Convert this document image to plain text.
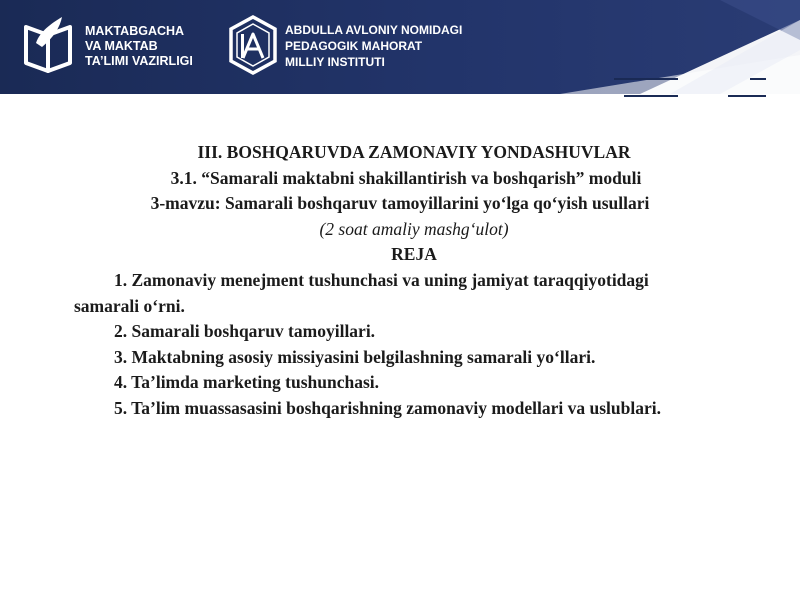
MAKTABGACHA
VA MAKTAB
TA’LIMI VAZIRLIGI
ABDULLA AVLONIY NOMIDAGI
PEDAGOGIK MAHORAT
MILLIY INSTITUTI
III. BOSHQARUVDA ZAMONAVIY YONDASHUVLAR
3.1. “Samarali maktabni shakillantirish va boshqarish” moduli
3-mavzu: Samarali boshqaruv tamoyillarini yo‘lga qo‘yish usullari
(2 soat amaliy mashg‘ulot)
REJA
1. Zamonaviy menejment tushunchasi va uning jamiyat taraqqiyotidagi samarali o‘rni.
2. Samarali boshqaruv tamoyillari.
3. Maktabning asosiy missiyasini belgilashning samarali yo‘llari.
4. Ta’limda marketing tushunchasi.
5. Ta’lim muassasasini boshqarishning zamonaviy modellari va uslublari.
